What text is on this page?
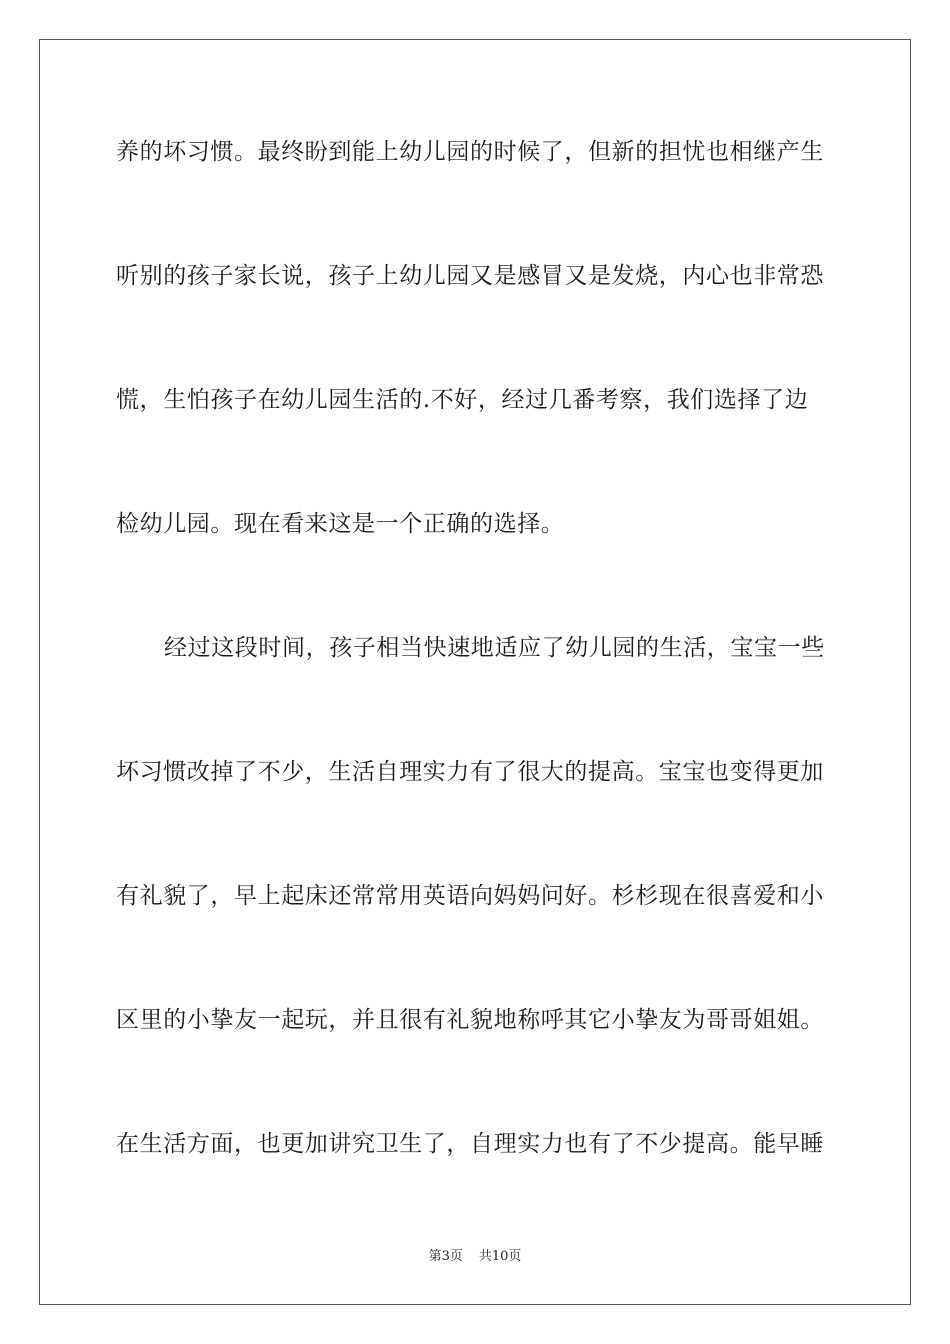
养的坏习惯。最终盼到能上幼儿园的时候了，但新的担忧也相继产生
听别的孩子家长说，孩子上幼儿园又是感冒又是发烧，内心也非常恐
慌，生怕孩子在幼儿园生活的.不好，经过几番考察，我们选择了边
检幼儿园。现在看来这是一个正确的选择。
经过这段时间，孩子相当快速地适应了幼儿园的生活，宝宝一些
坏习惯改掉了不少，生活自理实力有了很大的提高。宝宝也变得更加
有礼貌了，早上起床还常常用英语向妈妈问好。杉杉现在很喜爱和小
区里的小挚友一起玩，并且很有礼貌地称呼其它小挚友为哥哥姐姐。
在生活方面，也更加讲究卫生了，自理实力也有了不少提高。能早睡
第3页 共10页
